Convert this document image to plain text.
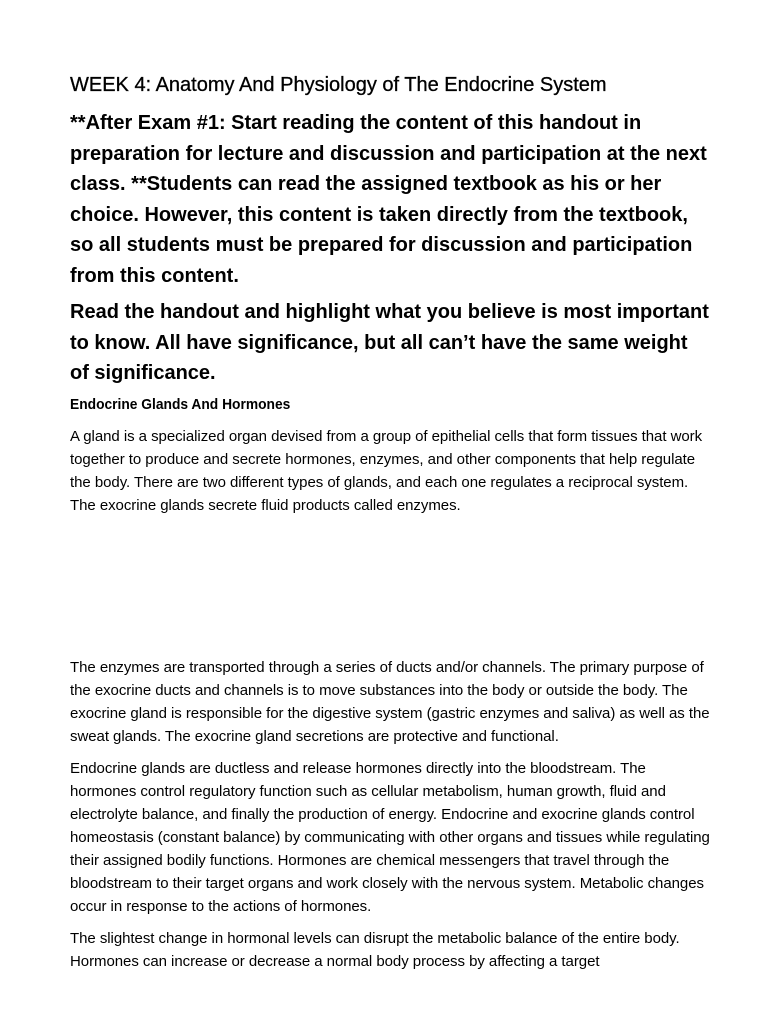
WEEK 4: Anatomy And Physiology of The Endocrine System
**After Exam #1: Start reading the content of this handout in preparation for lecture and discussion and participation at the next class. **Students can read the assigned textbook as his or her choice. However, this content is taken directly from the textbook, so all students must be prepared for discussion and participation from this content.
Read the handout and highlight what you believe is most important to know. All have significance, but all can’t have the same weight of significance.
Endocrine Glands And Hormones

A gland is a specialized organ devised from a group of epithelial cells that form tissues that work together to produce and secrete hormones, enzymes, and other components that help regulate the body. There are two different types of glands, and each one regulates a reciprocal system. The exocrine glands secrete fluid products called enzymes.

The enzymes are transported through a series of ducts and/or channels. The primary purpose of the exocrine ducts and channels is to move substances into the body or outside the body. The exocrine gland is responsible for the digestive system (gastric enzymes and saliva) as well as the sweat glands. The exocrine gland secretions are protective and functional.

Endocrine glands are ductless and release hormones directly into the bloodstream. The hormones control regulatory function such as cellular metabolism, human growth, fluid and electrolyte balance, and finally the production of energy. Endocrine and exocrine glands control homeostasis (constant balance) by communicating with other organs and tissues while regulating their assigned bodily functions. Hormones are chemical messengers that travel through the bloodstream to their target organs and work closely with the nervous system. Metabolic changes occur in response to the actions of hormones.

The slightest change in hormonal levels can disrupt the metabolic balance of the entire body. Hormones can increase or decrease a normal body process by affecting a target
